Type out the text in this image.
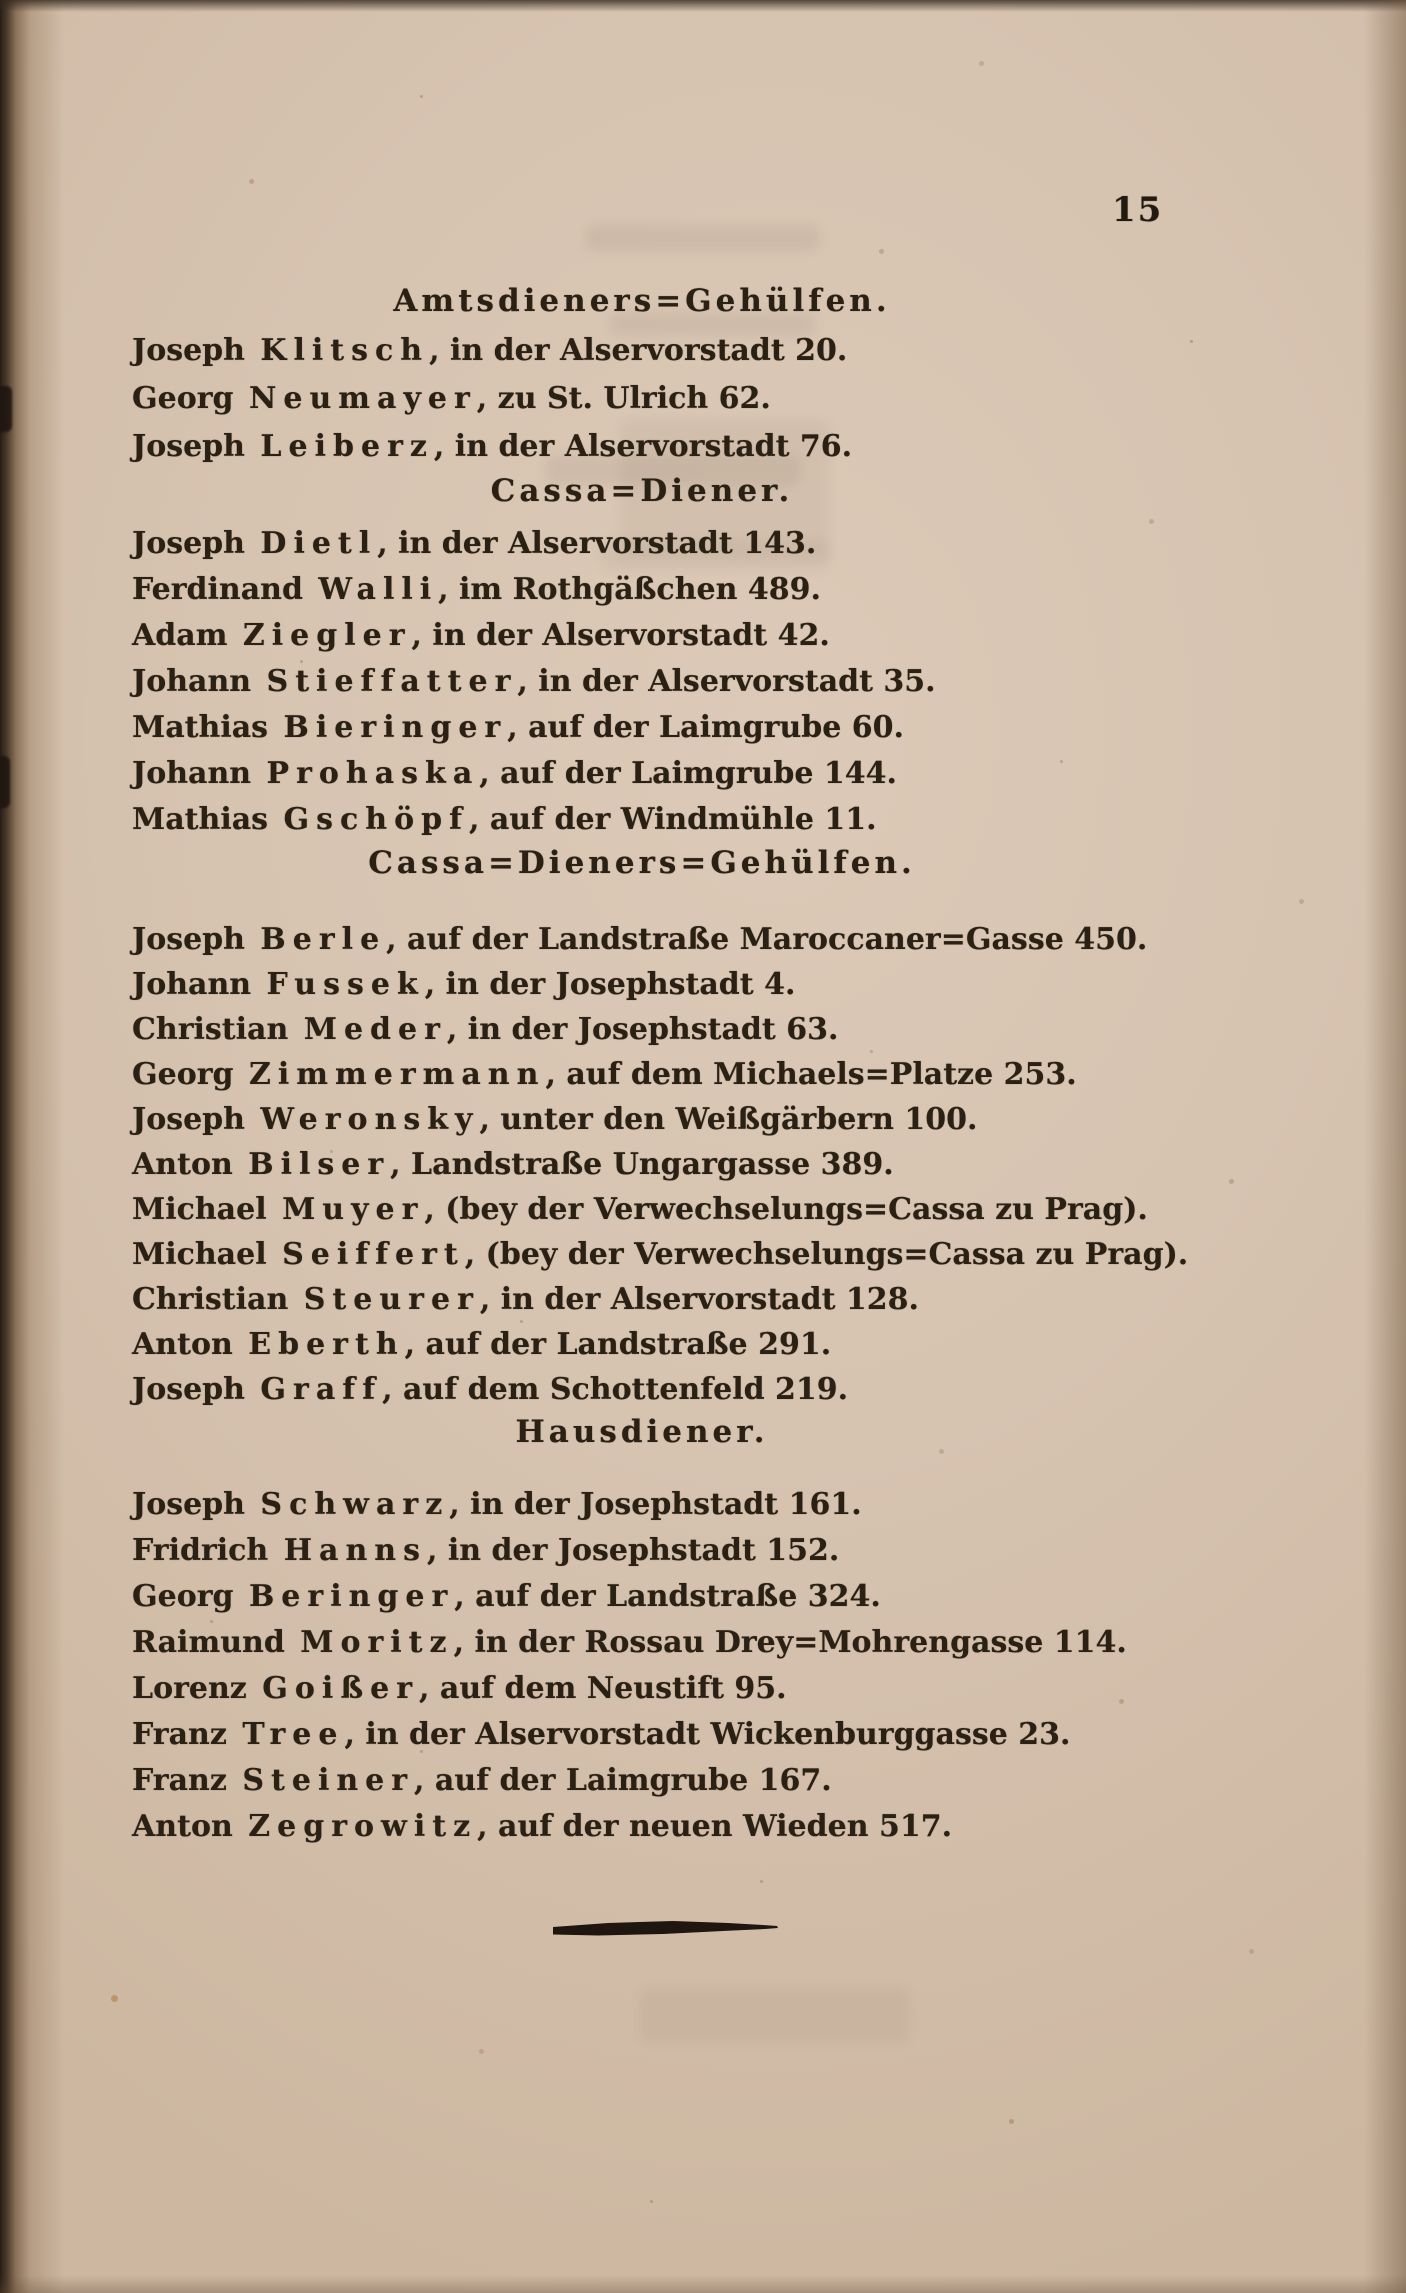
15
Amtsdieners=Gehülfen.

Joseph Klitsch, in der Alservorstadt 20.

Georg Neumayer, zu St. Ulrich 62.

Joseph Leiberz, in der Alservorstadt 76.

Cassa=Diener.

Joseph Dietl, in der Alservorstadt 143.

Ferdinand Walli, im Rothgäßchen 489.

Adam Ziegler, in der Alservorstadt 42.

Johann Stieffatter, in der Alservorstadt 35.

Mathias Bieringer, auf der Laimgrube 60.

Johann Prohaska, auf der Laimgrube 144.

Mathias Gschöpf, auf der Windmühle 11.

Cassa=Dieners=Gehülfen.

Joseph Berle, auf der Landstraße Maroccaner=Gasse 450.

Johann Fussek, in der Josephstadt 4.

Christian Meder, in der Josephstadt 63.

Georg Zimmermann, auf dem Michaels=Platze 253.

Joseph Weronsky, unter den Weißgärbern 100.

Anton Bilser, Landstraße Ungargasse 389.

Michael Muyer, (bey der Verwechselungs=Cassa zu Prag).

Michael Seiffert, (bey der Verwechselungs=Cassa zu Prag).

Christian Steurer, in der Alservorstadt 128.

Anton Eberth, auf der Landstraße 291.

Joseph Graff, auf dem Schottenfeld 219.

Hausdiener.

Joseph Schwarz, in der Josephstadt 161.

Fridrich Hanns, in der Josephstadt 152.

Georg Beringer, auf der Landstraße 324.

Raimund Moritz, in der Rossau Drey=Mohrengasse 114.

Lorenz Goißer, auf dem Neustift 95.

Franz Tree, in der Alservorstadt Wickenburggasse 23.

Franz Steiner, auf der Laimgrube 167.

Anton Zegrowitz, auf der neuen Wieden 517.
